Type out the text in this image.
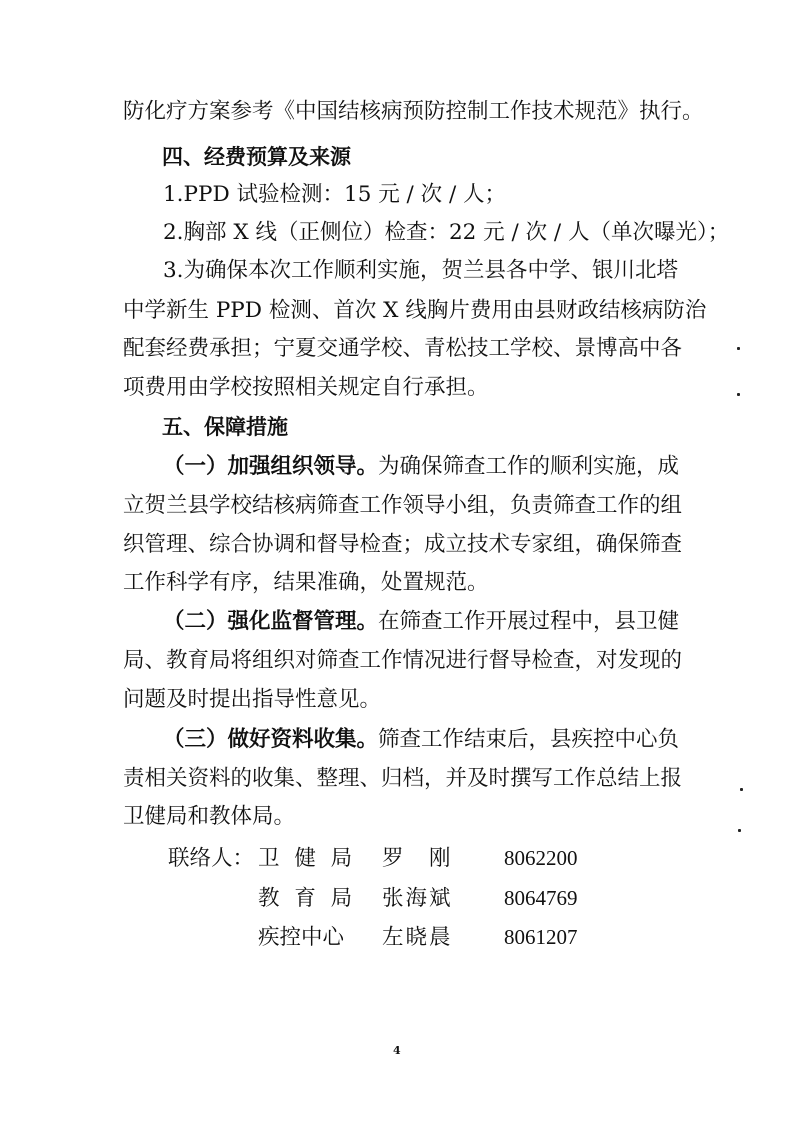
防化疗方案参考《中国结核病预防控制工作技术规范》执行。
四、经费预算及来源
1.PPD 试验检测：15 元 / 次 / 人；
2.胸部 X 线（正侧位）检查：22 元 / 次 / 人（单次曝光）；
3.为确保本次工作顺利实施，贺兰县各中学、银川北塔
中学新生 PPD 检测、首次 X 线胸片费用由县财政结核病防治
配套经费承担；宁夏交通学校、青松技工学校、景博高中各
项费用由学校按照相关规定自行承担。
五、保障措施
（一）加强组织领导。为确保筛查工作的顺利实施，成
立贺兰县学校结核病筛查工作领导小组，负责筛查工作的组
织管理、综合协调和督导检查；成立技术专家组，确保筛查
工作科学有序，结果准确，处置规范。
（二）强化监督管理。在筛查工作开展过程中，县卫健
局、教育局将组织对筛查工作情况进行督导检查，对发现的
问题及时提出指导性意见。
（三）做好资料收集。筛查工作结束后，县疾控中心负
责相关资料的收集、整理、归档，并及时撰写工作总结上报
卫健局和教体局。
联络人： 卫 健 局 罗　刚 8062200
教 育 局 张海斌 8064769
疾控中心 左晓晨 8061207
4
